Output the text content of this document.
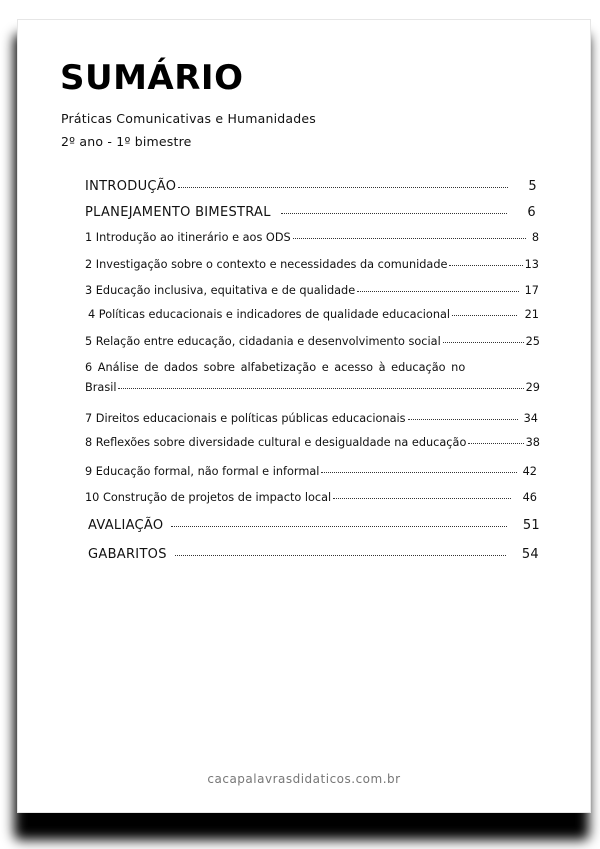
SUMÁRIO
Práticas Comunicativas e Humanidades
2º ano - 1º bimestre
INTRODUÇÃO	5
PLANEJAMENTO BIMESTRAL	6
1 Introdução ao itinerário e aos ODS	8
2 Investigação sobre o contexto e necessidades da comunidade	13
3 Educação inclusiva, equitativa e de qualidade	17
4 Políticas educacionais e indicadores de qualidade educacional	21
5 Relação entre educação, cidadania e desenvolvimento social	25
6 Análise de dados sobre alfabetização e acesso à educação no
Brasil	29
7 Direitos educacionais e políticas públicas educacionais	34
8 Reflexões sobre diversidade cultural e desigualdade na educação	38
9 Educação formal, não formal e informal	42
10 Construção de projetos de impacto local	46
AVALIAÇÃO	51
GABARITOS	54
cacapalavrasdidaticos.com.br
